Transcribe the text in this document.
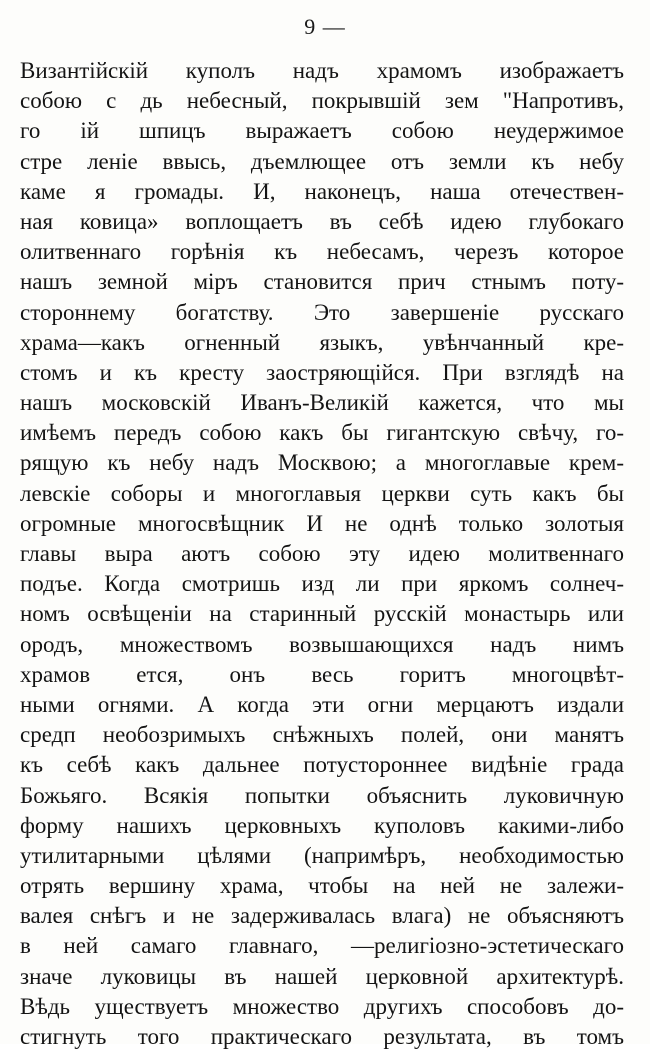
9 —
Византійскій куполъ надъ храмомъ изображаетъ
собою с дь небесный, покрывшій зем "Напротивъ,
го ій шпицъ выражаетъ собою неудержимое
стре леніе ввысь, дъемлющее отъ земли къ небу
каме я громады. И, наконецъ, наша отечествен-
ная ковица» воплощаетъ въ себѣ идею глубокаго
олитвеннаго горѣнія къ небесамъ, черезъ которое
нашъ земной міръ становится прич стнымъ поту-
стороннему богатству. Это завершеніе русскаго
храма—какъ огненный языкъ, увѣнчанный кре-
стомъ и къ кресту заостряющійся. При взглядѣ на
нашъ московскій Иванъ-Великій кажется, что мы
имѣемъ передъ собою какъ бы гигантскую свѣчу, го-
рящую къ небу надъ Москвою; а многоглавые крем-
левскіе соборы и многоглавыя церкви суть какъ бы
огромные многосвѣщник И не однѣ только золотыя
главы выра аютъ собою эту идею молитвеннаго
подъе. Когда смотришь изд ли при яркомъ солнеч-
номъ освѣщеніи на старинный русскій монастырь или
ородъ, множествомъ возвышающихся надъ нимъ
храмов ется, онъ весь горитъ многоцвѣт-
ными огнями. А когда эти огни мерцаютъ издали
средп необозримыхъ снѣжныхъ полей, они манятъ
къ себѣ какъ дальнее потустороннее видѣніе града
Божьяго. Всякія попытки объяснить луковичную
форму нашихъ церковныхъ куполовъ какими-либо
утилитарными цѣлями (напримѣръ, необходимостью
отрять вершину храма, чтобы на ней не залежи-
валея снѣгъ и не задерживалась влага) не объясняютъ
в ней самаго главнаго, —религіозно-эстетическаго
значе луковицы въ нашей церковной архитектурѣ.
Вѣдь уществуетъ множество другихъ способовъ до-
стигнуть того практическаго результата, въ томъ
